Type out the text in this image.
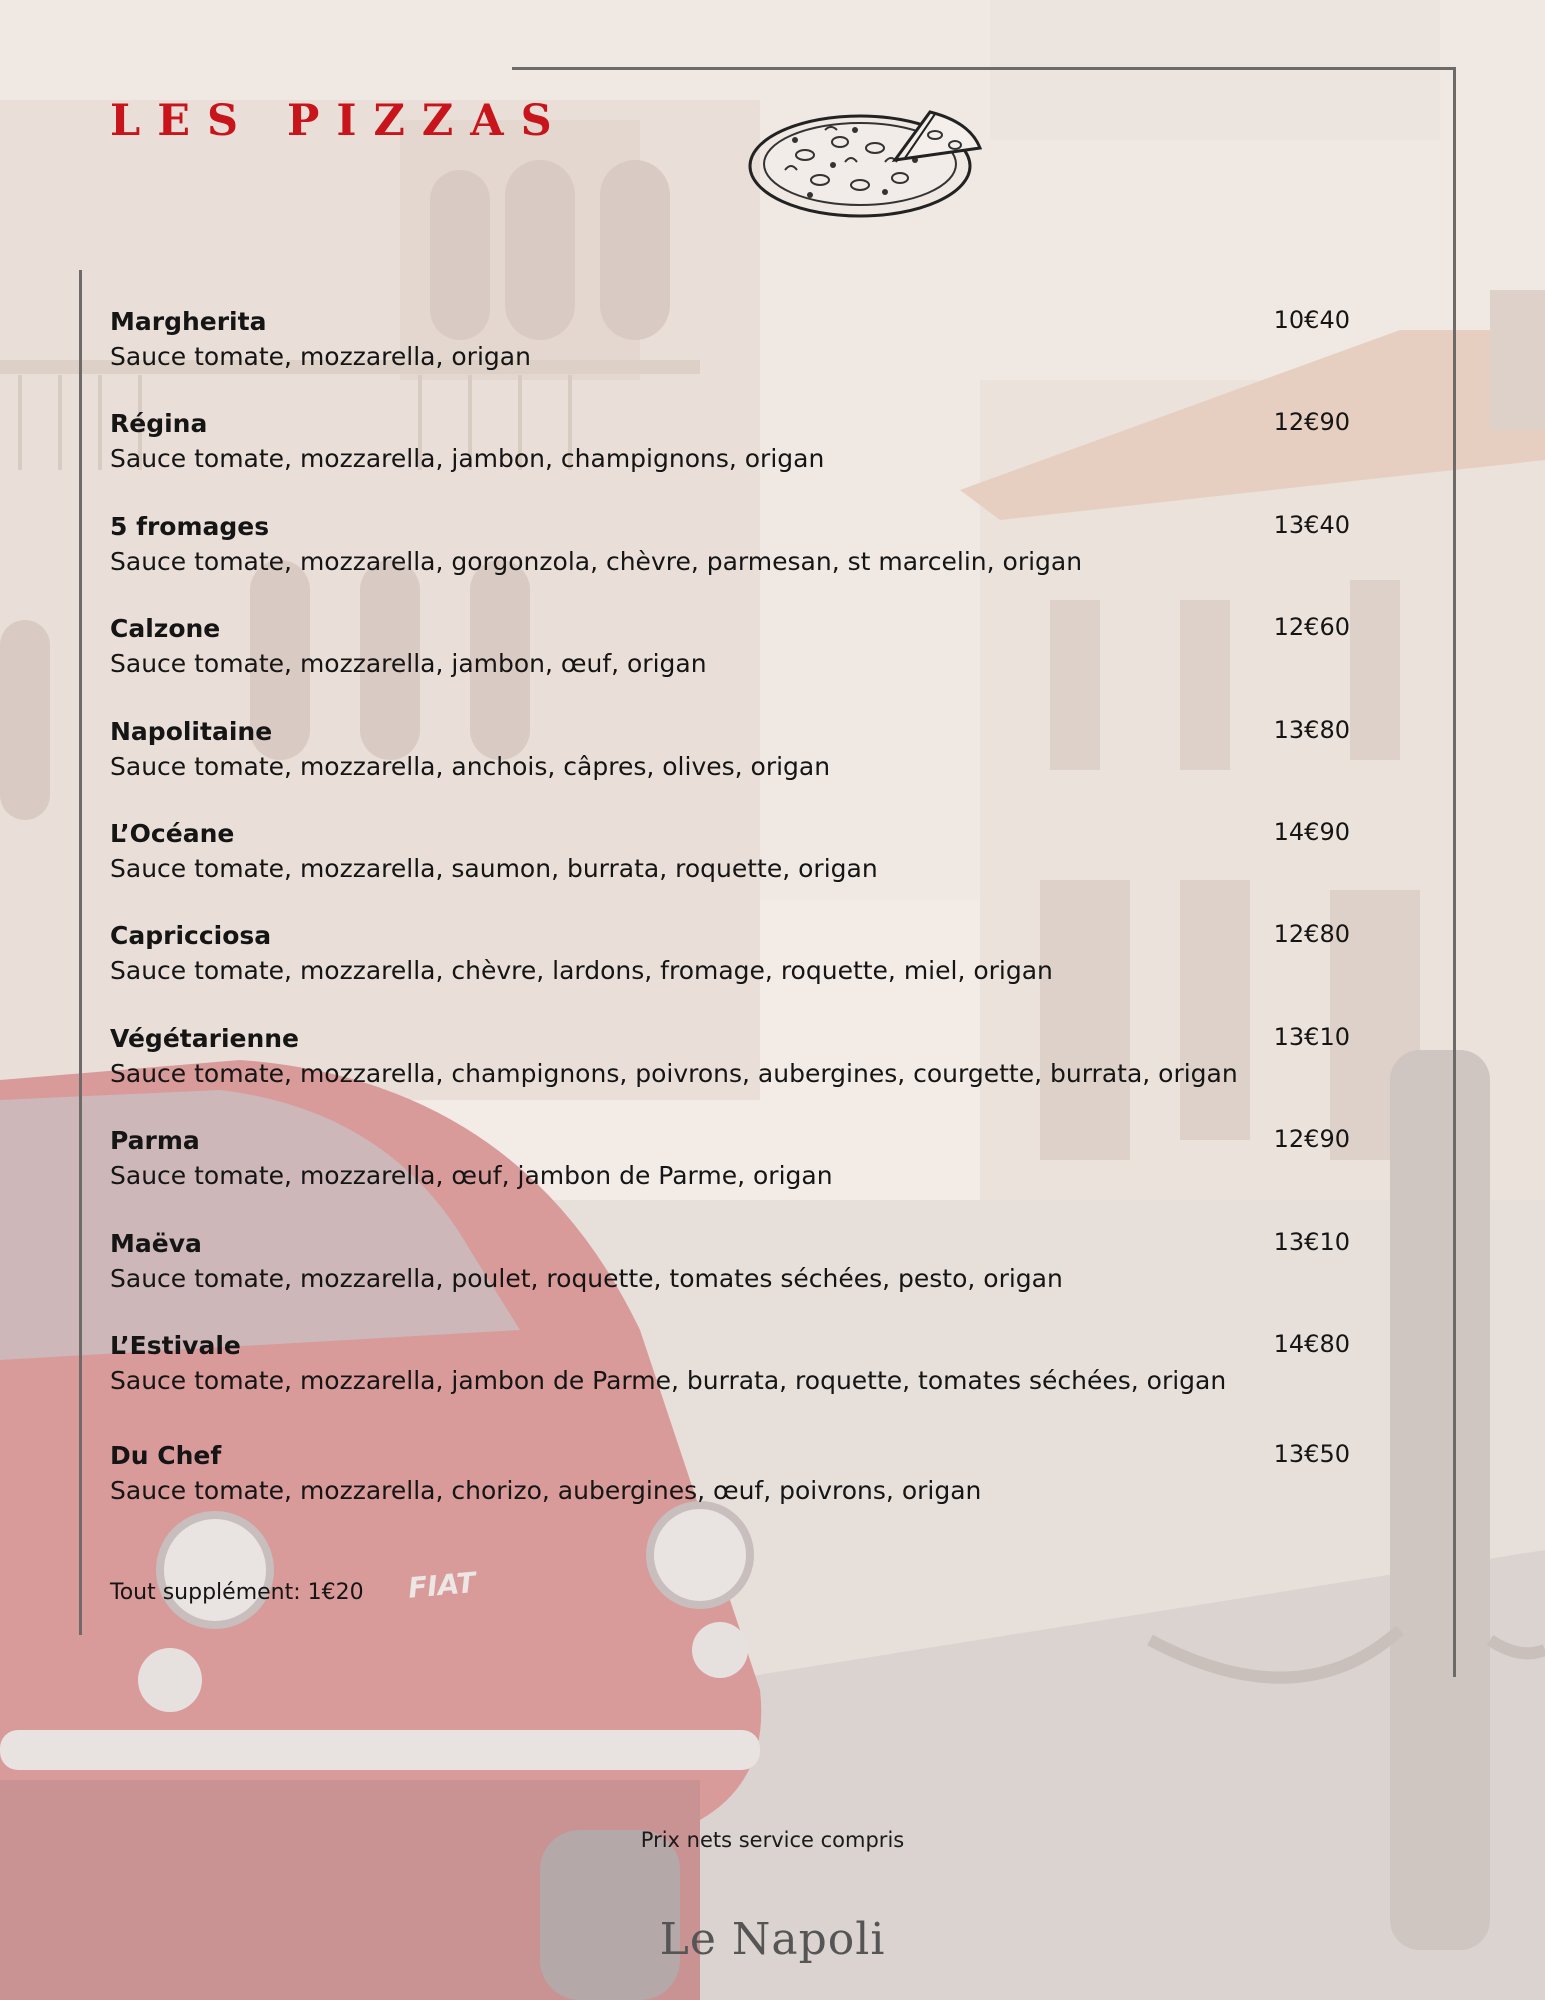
FIAT
LES PIZZAS
Margherita	10€40
Sauce tomate, mozzarella, origan
Régina	12€90
Sauce tomate, mozzarella, jambon, champignons, origan
5 fromages	13€40
Sauce tomate, mozzarella, gorgonzola, chèvre, parmesan, st marcelin, origan
Calzone	12€60
Sauce tomate, mozzarella, jambon, œuf, origan
Napolitaine	13€80
Sauce tomate, mozzarella, anchois, câpres, olives, origan
L’Océane	14€90
Sauce tomate, mozzarella, saumon, burrata, roquette, origan
Capricciosa	12€80
Sauce tomate, mozzarella, chèvre, lardons, fromage, roquette, miel, origan
Végétarienne	13€10
Sauce tomate, mozzarella, champignons, poivrons, aubergines, courgette, burrata, origan
Parma	12€90
Sauce tomate, mozzarella, œuf, jambon de Parme, origan
Maëva	13€10
Sauce tomate, mozzarella, poulet, roquette, tomates séchées, pesto, origan
L’Estivale	14€80
Sauce tomate, mozzarella, jambon de Parme, burrata, roquette, tomates séchées, origan
Du Chef	13€50
Sauce tomate, mozzarella, chorizo, aubergines, œuf, poivrons, origan
Tout supplément: 1€20
Prix nets service compris
Le Napoli
